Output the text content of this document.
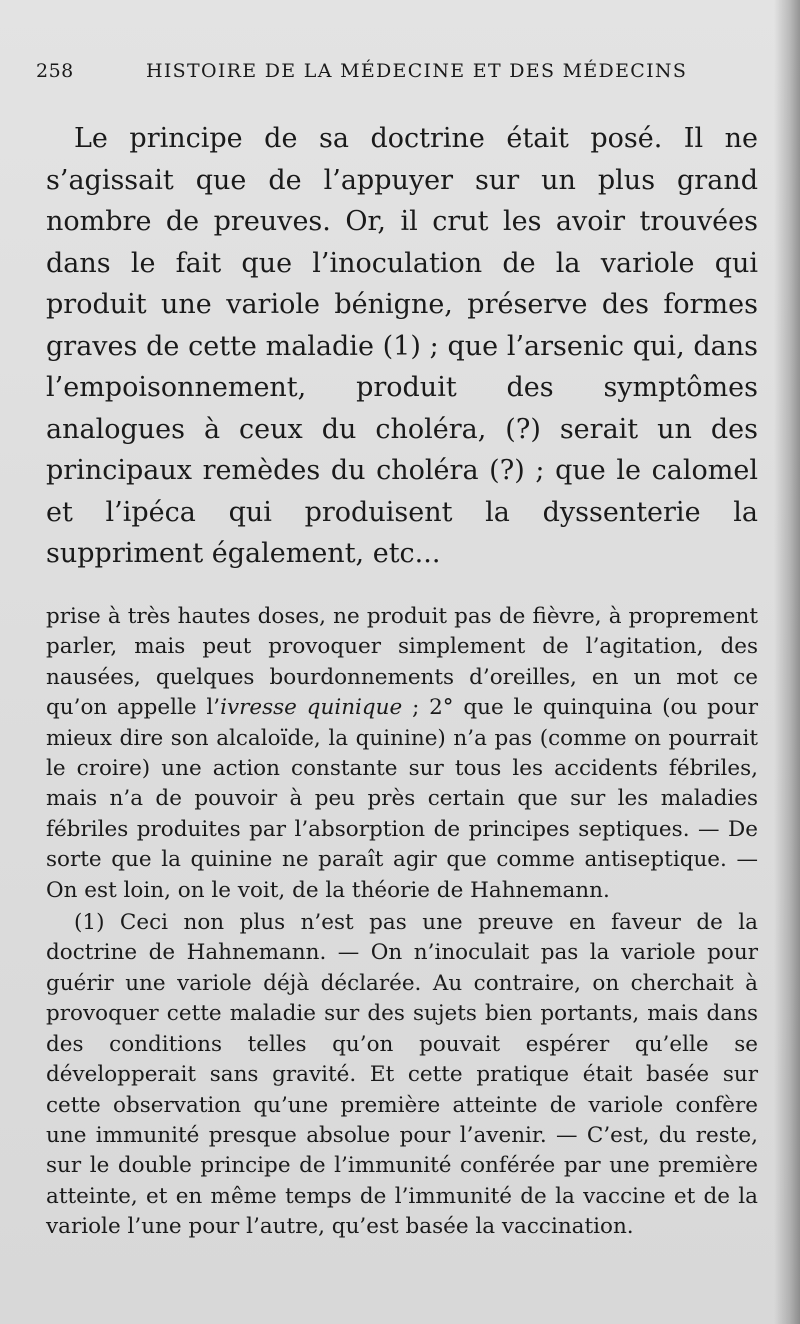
258	HISTOIRE DE LA MÉDECINE ET DES MÉDECINS

Le principe de sa doctrine était posé. Il ne s’agissait que de l’appuyer sur un plus grand nombre de preuves. Or, il crut les avoir trouvées dans le fait que l’inoculation de la variole qui produit une variole bénigne, préserve des formes graves de cette maladie (1) ; que l’arsenic qui, dans l’empoisonnement, produit des symptômes analogues à ceux du choléra, (?) serait un des principaux remèdes du choléra (?) ; que le calomel et l’ipéca qui produisent la dyssenterie la suppriment également, etc...

prise à très hautes doses, ne produit pas de fièvre, à proprement parler, mais peut provoquer simplement de l’agitation, des nausées, quelques bourdonnements d’oreilles, en un mot ce qu’on appelle l’ivresse quinique ; 2° que le quinquina (ou pour mieux dire son alcaloïde, la quinine) n’a pas (comme on pourrait le croire) une action constante sur tous les accidents fébriles, mais n’a de pouvoir à peu près certain que sur les maladies fébriles produites par l’absorption de principes septiques. — De sorte que la quinine ne paraît agir que comme antiseptique. — On est loin, on le voit, de la théorie de Hahnemann.

(1) Ceci non plus n’est pas une preuve en faveur de la doctrine de Hahnemann. — On n’inoculait pas la variole pour guérir une variole déjà déclarée. Au contraire, on cherchait à provoquer cette maladie sur des sujets bien portants, mais dans des conditions telles qu’on pouvait espérer qu’elle se développerait sans gravité. Et cette pratique était basée sur cette observation qu’une première atteinte de variole confère une immunité presque absolue pour l’avenir. — C’est, du reste, sur le double principe de l’immunité conférée par une première atteinte, et en même temps de l’immunité de la vaccine et de la variole l’une pour l’autre, qu’est basée la vaccination.
